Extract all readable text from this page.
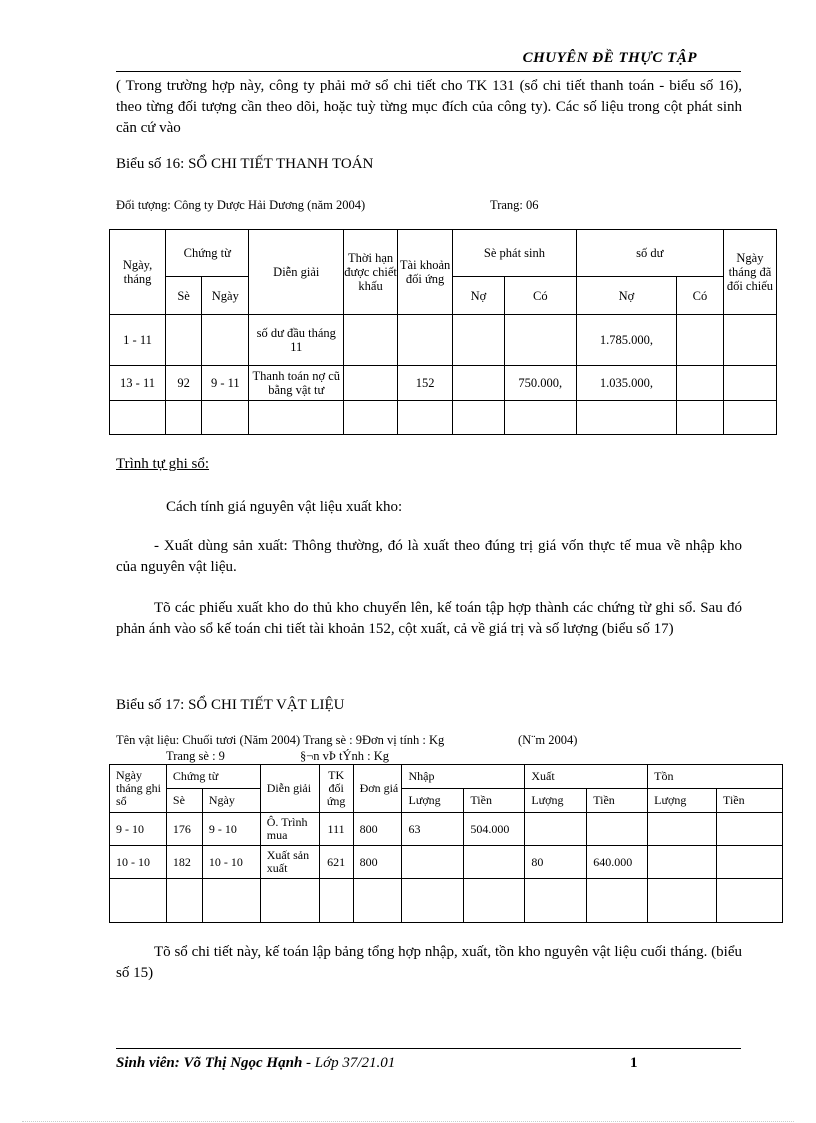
CHUYÊN ĐỀ THỰC TẬP

( Trong trường hợp này, công ty phải mở sổ chi tiết cho TK 131 (sổ chi tiết thanh toán - biểu số 16), theo từng đối tượng cần theo dõi, hoặc tuỳ từng mục đích của công ty). Các số liệu trong cột phát sinh căn cứ vào

Biểu số 16: SỔ CHI TIẾT THANH TOÁN
Đối tượng: Công ty Dược Hải Dương (năm 2004)	Trang: 06
Ngày, tháng	Chứng từ		Diễn giải	Thời hạn được chiết khấu	Tài khoản đối ứng	Sè phát sinh		số dư		Ngày tháng đã đối chiếu
	Sè	Ngày				Nợ	Có	Nợ	Có	
1 - 11			số dư đầu tháng 11					1.785.000,		
13 - 11	92	9 - 11	Thanh toán nợ cũ bằng vật tư		152		750.000,	1.035.000,		

Trình tự ghi sổ:
Cách tính giá nguyên vật liệu xuất kho:

- Xuất dùng sản xuất: Thông thường, đó là xuất theo đúng trị giá vốn thực tế mua về nhập kho của nguyên vật liệu.

Tõ các phiếu xuất kho do thủ kho chuyển lên, kế toán tập hợp thành các chứng từ ghi sổ. Sau đó phản ánh vào sổ kế toán chi tiết tài khoản 152, cột xuất, cả về giá trị và số lượng (biểu số 17)

Biểu số 17: SỔ CHI TIẾT VẬT LIỆU
Tên vật liệu: Chuối tươi (Năm 2004) Trang sè : 9Đơn vị tính : Kg	(N¨m 2004)
Trang sè : 9	§¬n vÞ tÝnh : Kg
Ngày tháng ghi sổ	Chứng từ		Diễn giải	TK đối ứng	Đơn giá	Nhập		Xuất		Tồn	
	Sè	Ngày				Lượng	Tiền	Lượng	Tiền	Lượng	Tiền
9 - 10	176	9 - 10	Ô. Trình mua	111	800	63	504.000				
10 - 10	182	10 - 10	Xuất sản xuất	621	800			80	640.000		

Tõ sổ chi tiết này, kế toán lập bảng tổng hợp nhập, xuất, tồn kho nguyên vật liệu cuối tháng. (biểu số 15)

Sinh viên: Võ Thị Ngọc Hạnh - Lớp 37/21.01	1
